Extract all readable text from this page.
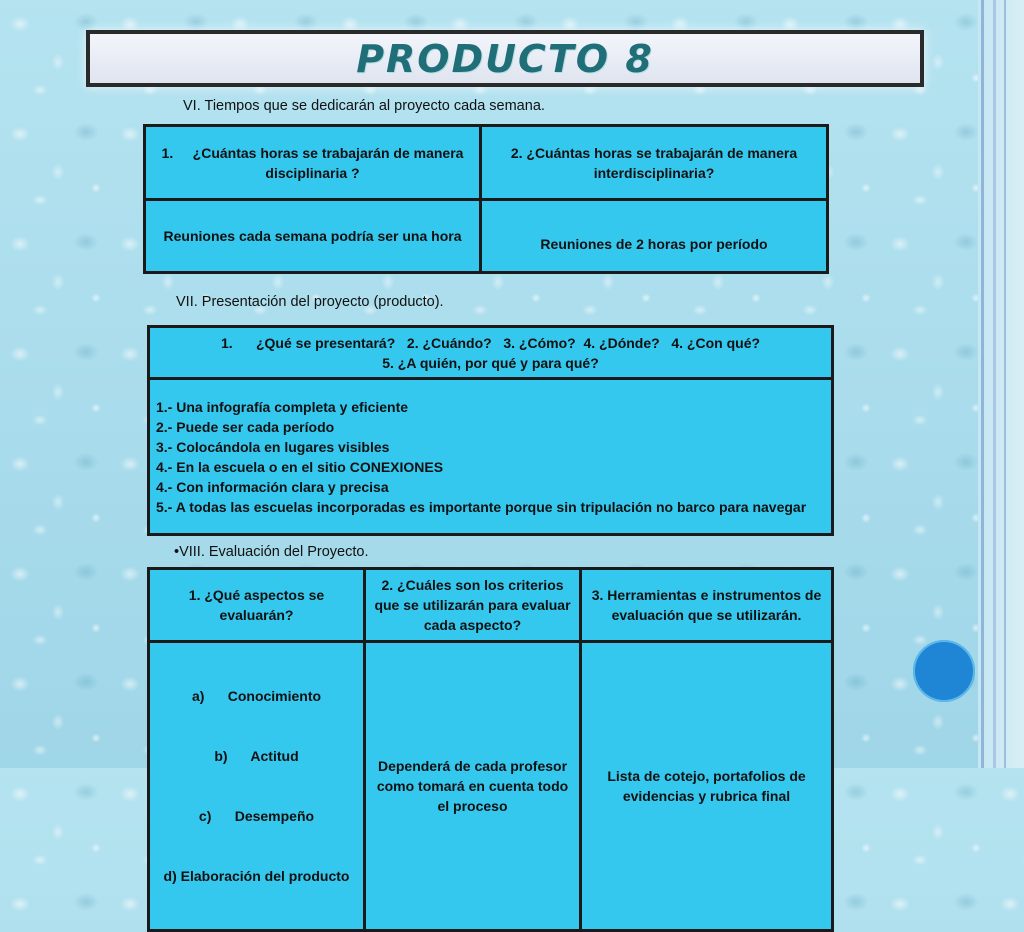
PRODUCTO 8
VI. Tiempos que se dedicarán al proyecto cada semana.
1. ¿Cuántas horas se trabajarán de manera
disciplinaria ?	2. ¿Cuántas horas se trabajarán de manera interdisciplinaria?
Reuniones cada semana podría ser una hora	Reuniones de 2 horas por período
VII. Presentación del proyecto (producto).
1.      ¿Qué se presentará?   2. ¿Cuándo?   3. ¿Cómo?  4. ¿Dónde?   4. ¿Con qué?
5. ¿A quién, por qué y para qué?

1.- Una infografía completa y eficiente
2.- Puede ser cada período
3.- Colocándola en lugares visibles
4.- En la escuela o en el sitio CONEXIONES
4.- Con información clara y precisa
5.- A todas las escuelas incorporadas es importante porque sin tripulación no barco para navegar
•VIII. Evaluación del Proyecto.
1. ¿Qué aspectos se evaluarán?	2. ¿Cuáles son los criterios que se utilizarán para evaluar cada aspecto?	3. Herramientas e instrumentos de evaluación que se utilizarán.

a)      Conocimiento

b)      Actitud

c)      Desempeño

d) Elaboración del producto	Dependerá de cada profesor como tomará en cuenta todo el proceso	Lista de cotejo, portafolios de evidencias y rubrica final
